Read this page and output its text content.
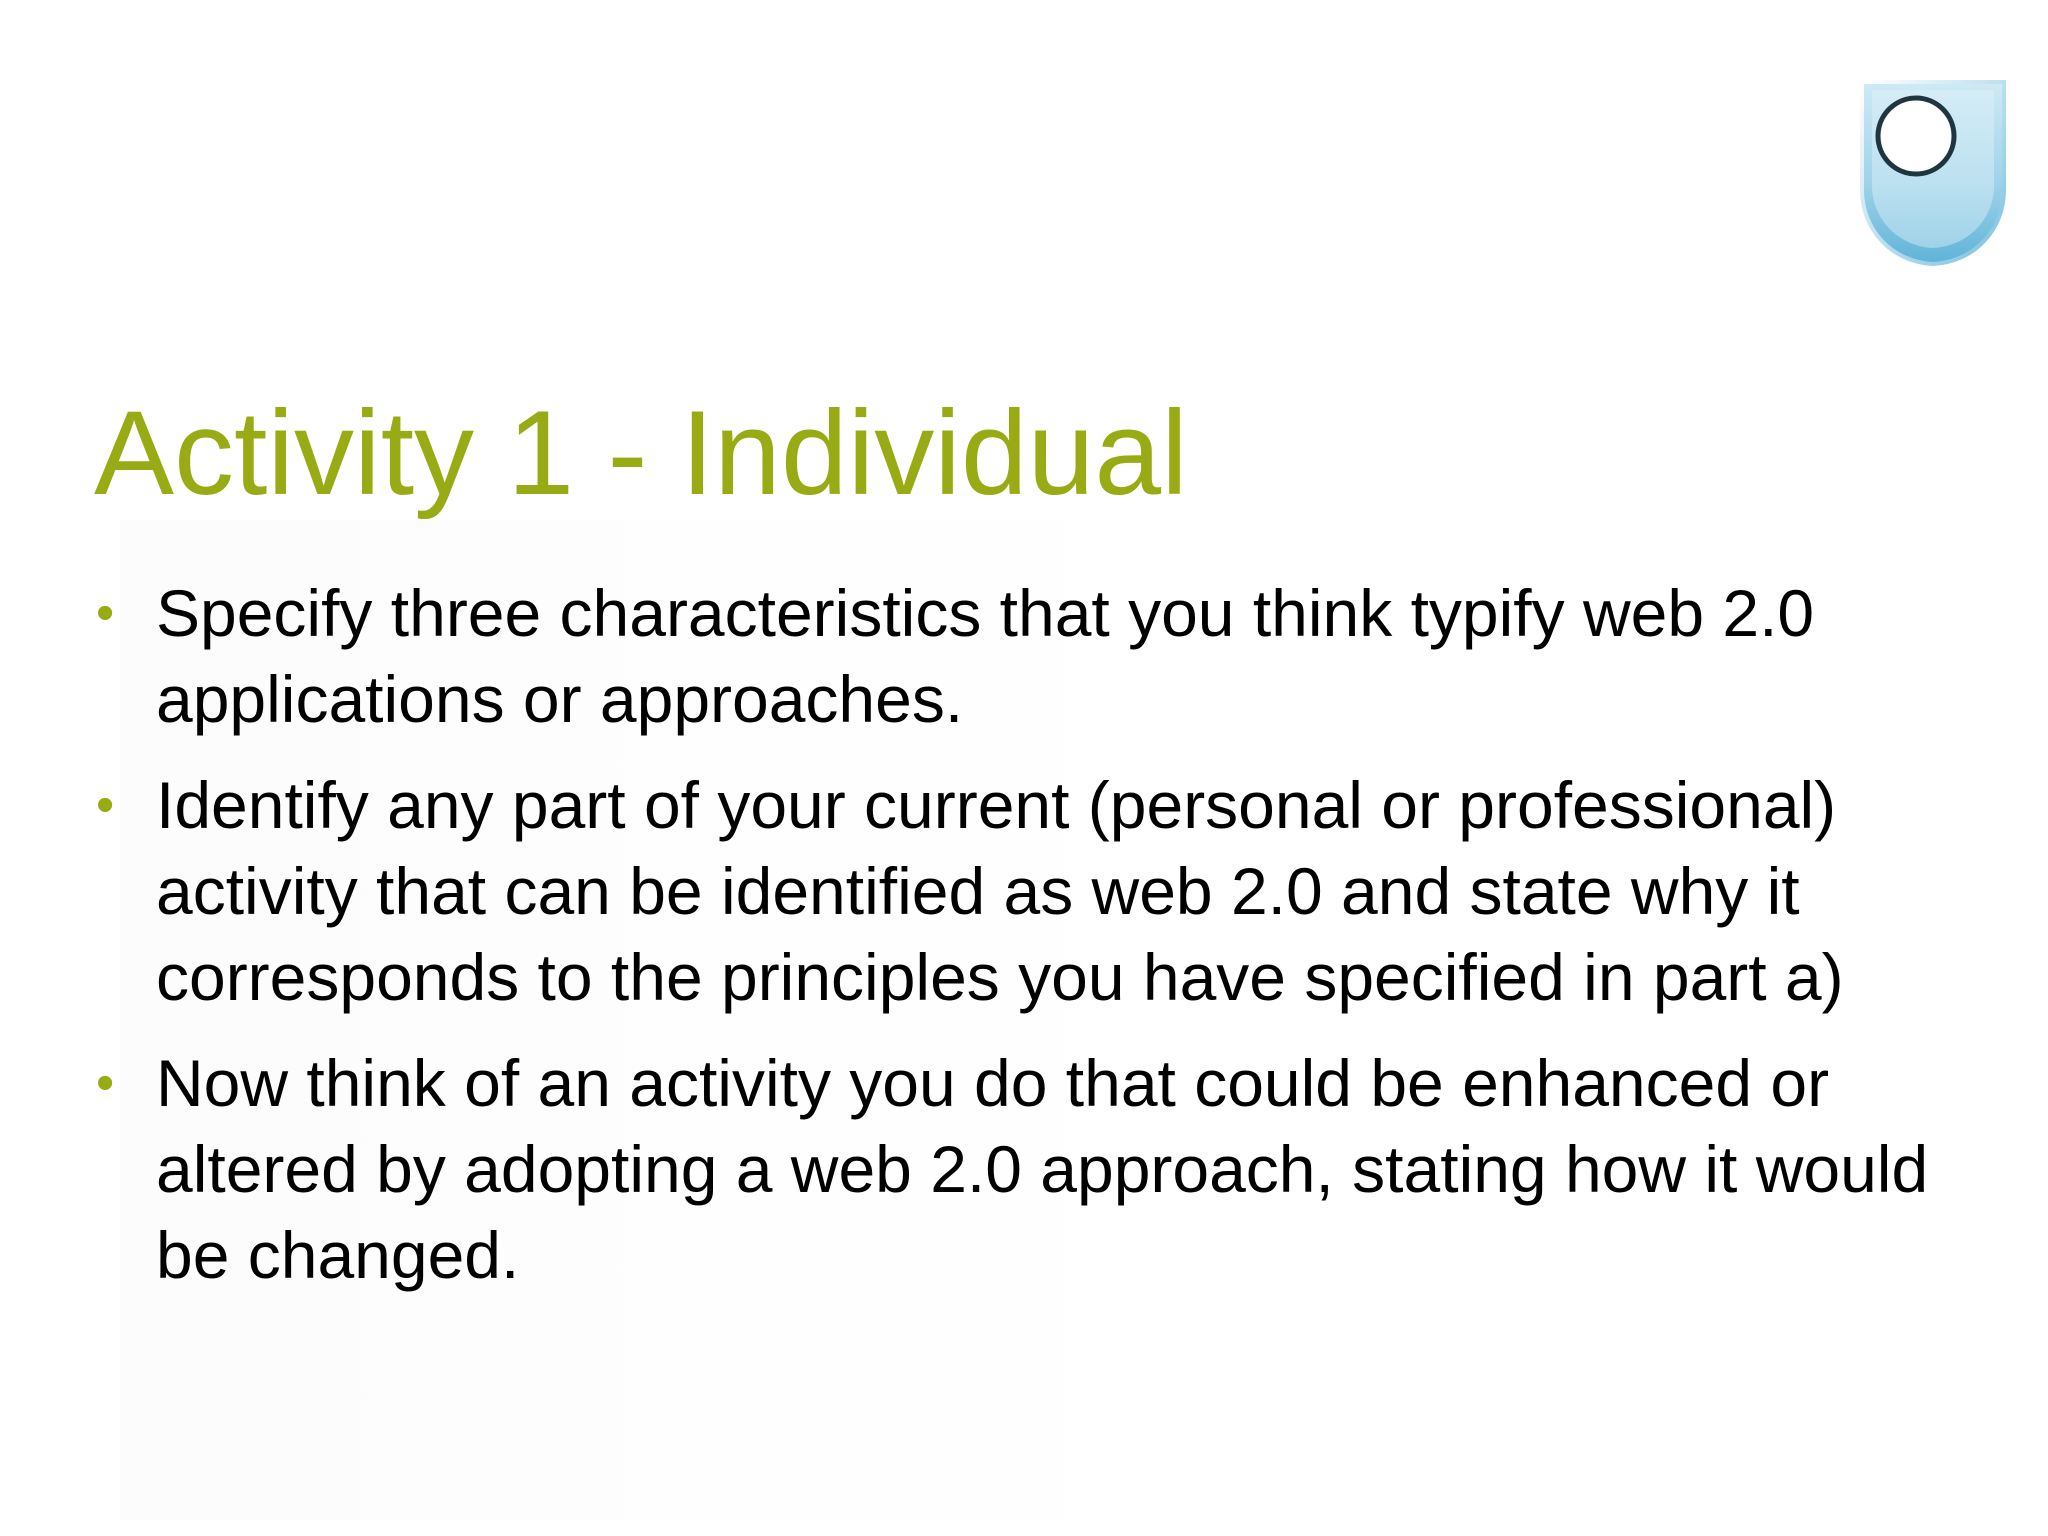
Activity 1 - Individual
• Specify three characteristics that you think typify web 2.0 applications or approaches.
• Identify any part of your current (personal or professional) activity that can be identified as web 2.0 and state why it corresponds to the principles you have specified in part a)
• Now think of an activity you do that could be enhanced or altered by adopting a web 2.0 approach, stating how it would be changed.
